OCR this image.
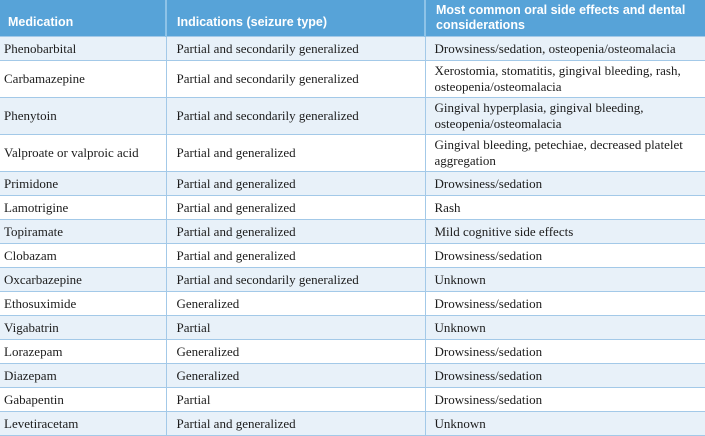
Medication	Indications (seizure type)	Most common oral side effects and dental considerations
Phenobarbital	Partial and secondarily generalized	Drowsiness/sedation, osteopenia/osteomalacia
Carbamazepine	Partial and secondarily generalized	Xerostomia, stomatitis, gingival bleeding, rash, osteopenia/osteomalacia
Phenytoin	Partial and secondarily generalized	Gingival hyperplasia, gingival bleeding, osteopenia/osteomalacia
Valproate or valproic acid	Partial and generalized	Gingival bleeding, petechiae, decreased platelet aggregation
Primidone	Partial and generalized	Drowsiness/sedation
Lamotrigine	Partial and generalized	Rash
Topiramate	Partial and generalized	Mild cognitive side effects
Clobazam	Partial and generalized	Drowsiness/sedation
Oxcarbazepine	Partial and secondarily generalized	Unknown
Ethosuximide	Generalized	Drowsiness/sedation
Vigabatrin	Partial	Unknown
Lorazepam	Generalized	Drowsiness/sedation
Diazepam	Generalized	Drowsiness/sedation
Gabapentin	Partial	Drowsiness/sedation
Levetiracetam	Partial and generalized	Unknown
